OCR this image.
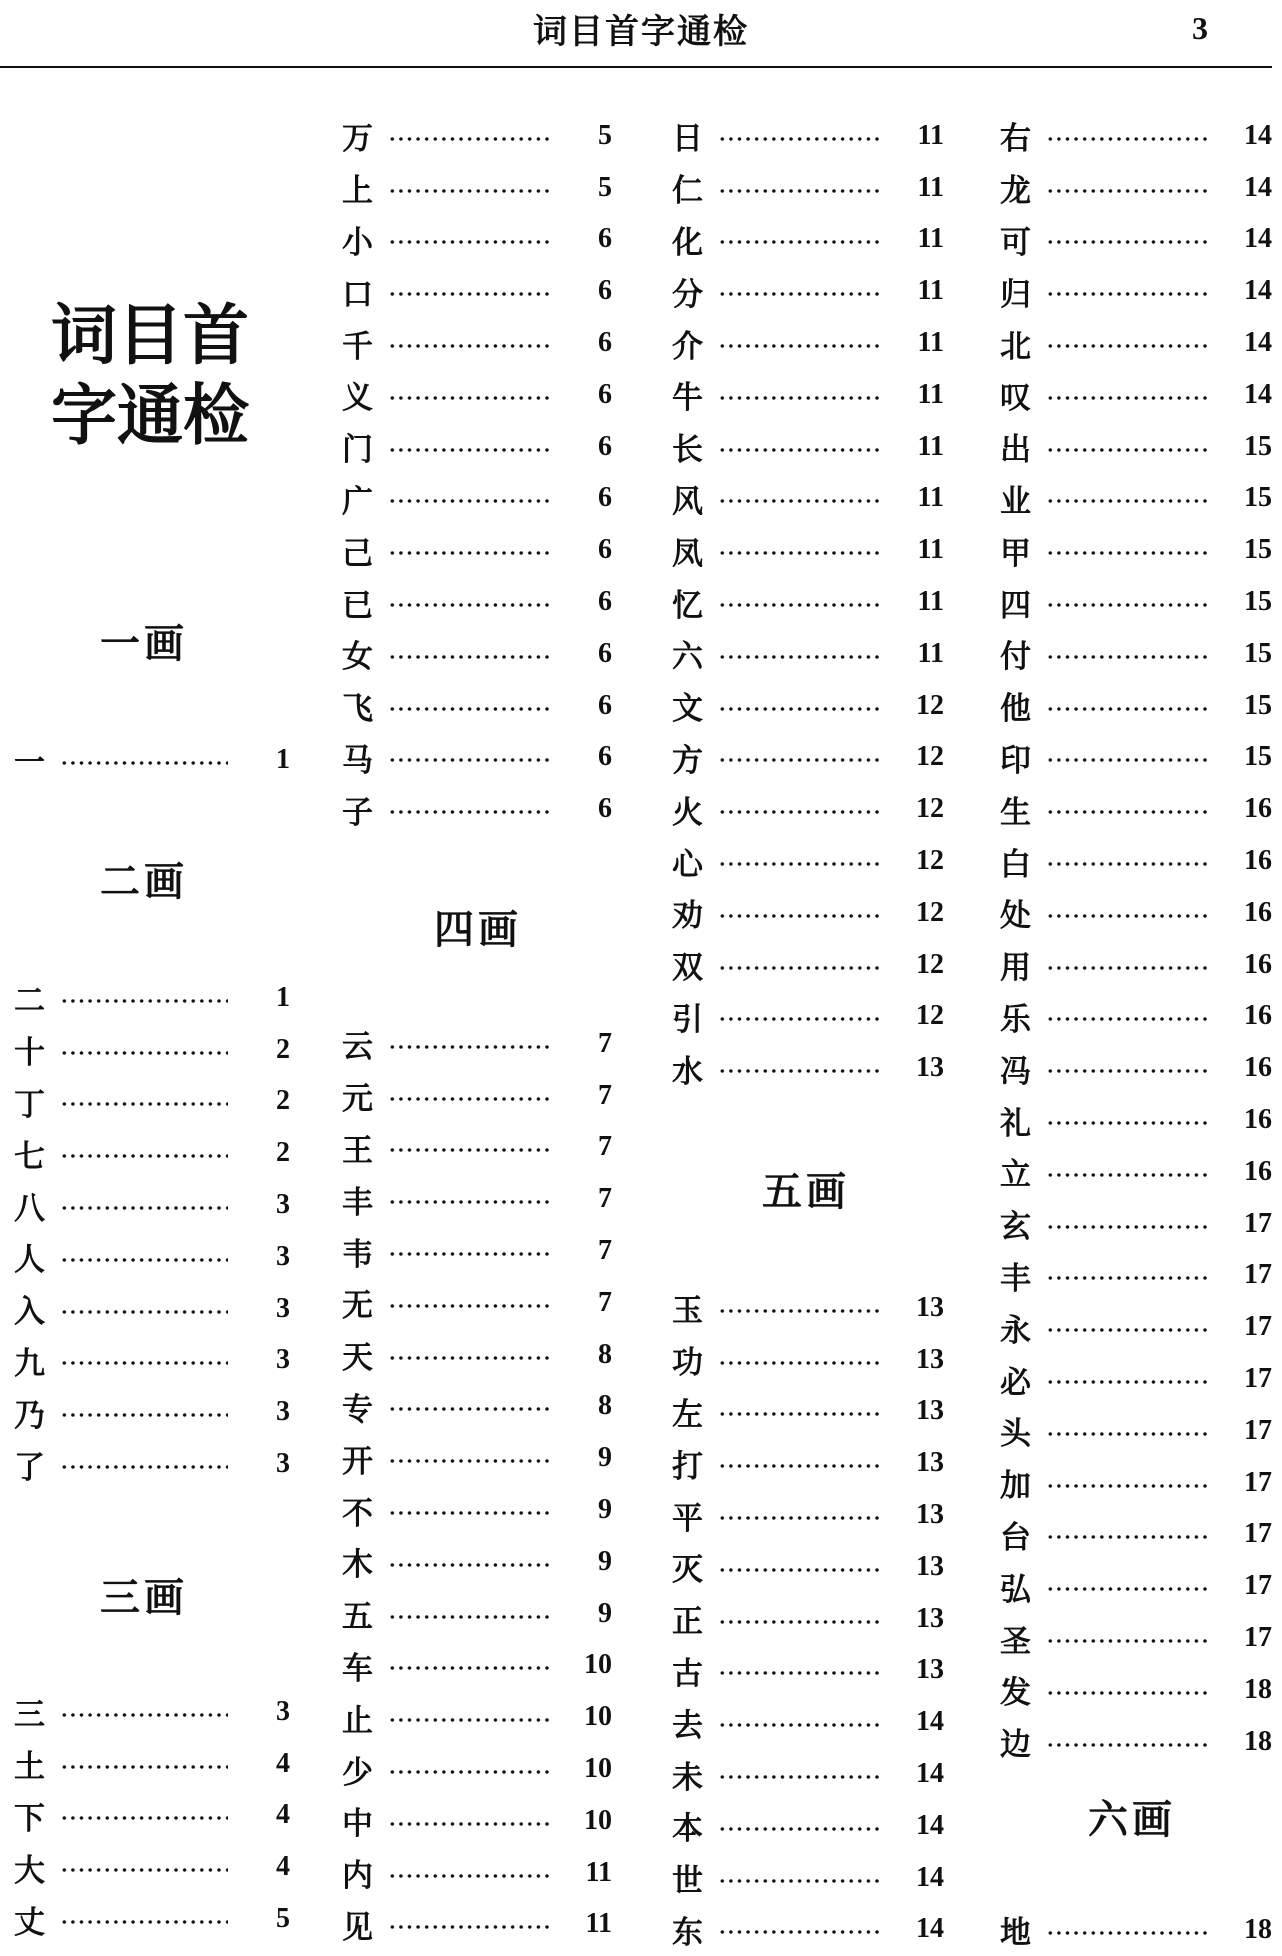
词目首字通检	3
词目首
字通检
一画
一	1
二画
二	1
十	2
丁	2
七	2
八	3
人	3
入	3
九	3
乃	3
了	3
三画
三	3
土	4
下	4
大	4
丈	5
万	5
上	5
小	6
口	6
千	6
义	6
门	6
广	6
己	6
已	6
女	6
飞	6
马	6
子	6
四画
云	7
元	7
王	7
丰	7
韦	7
无	7
天	8
专	8
开	9
不	9
木	9
五	9
车	10
止	10
少	10
中	10
内	11
见	11
日	11
仁	11
化	11
分	11
介	11
牛	11
长	11
风	11
凤	11
忆	11
六	11
文	12
方	12
火	12
心	12
劝	12
双	12
引	12
水	13
五画
玉	13
功	13
左	13
打	13
平	13
灭	13
正	13
古	13
去	14
未	14
本	14
世	14
东	14
右	14
龙	14
可	14
归	14
北	14
叹	14
出	15
业	15
甲	15
四	15
付	15
他	15
印	15
生	16
白	16
处	16
用	16
乐	16
冯	16
礼	16
立	16
玄	17
丰	17
永	17
必	17
头	17
加	17
台	17
弘	17
圣	17
发	18
边	18
六画
地	18
